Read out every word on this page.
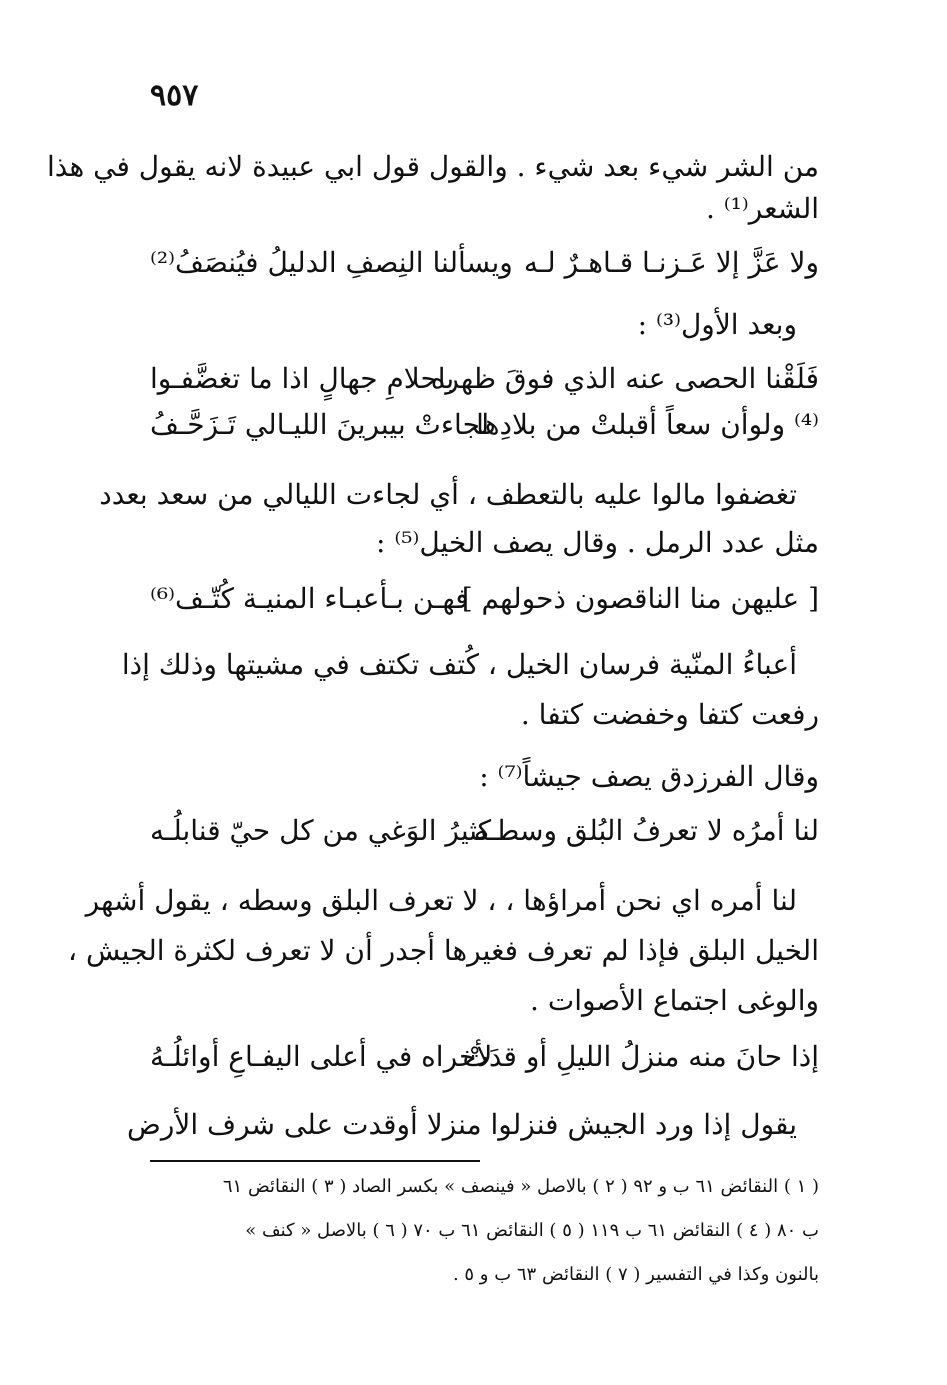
٩٥٧
من الشر شيء بعد شيء . والقول قول ابي عبيدة لانه يقول في هذا
الشعر⁽¹⁾ .
ولا عَزَّ إلا عَـزنـا قـاهـرٌ لـه
ويسألنا النِصفِ الدليلُ فيُنصَفُ⁽²⁾
وبعد الأول⁽³⁾ :
فَلَقْنا الحصى عنه الذي فوقَ ظهره
باحلامِ جهالٍ اذا ما تغضَّفـوا
⁽⁴⁾ ولوأن سعاً أقبلتْ من بلادِها
لجاءتْ بيبرينَ الليـالي تَـزَحَّـفُ
تغضفوا مالوا عليه بالتعطف ، أي لجاءت الليالي من سعد بعدد
مثل عدد الرمل . وقال يصف الخيل⁽⁵⁾ :
[ عليهن منا الناقصون ذحولهم ]
فهـن بـأعبـاء المنيـة كُتّـف⁽⁶⁾
أعباءُ المنّية فرسان الخيل ، كُتف تكتف في مشيتها وذلك إذا
رفعت كتفا وخفضت كتفا .
وقال الفرزدق يصف جيشاً⁽⁷⁾ :
لنا أمرُه لا تعرفُ البُلق وسطـه
كثيرُ الوَغي من كل حيّ قنابلُـه
لنا أمره اي نحن أمراؤها ، ، لا تعرف البلق وسطه ، يقول أشهر
الخيل البلق فإذا لم تعرف فغيرها أجدر أن لا تعرف لكثرة الجيش ،
والوغى اجتماع الأصوات .
إذا حانَ منه منزلُ الليلِ أو قدَتْ
لأخراه في أعلى اليفـاعِ أوائلُـهُ
يقول إذا ورد الجيش فنزلوا منزلا أوقدت على شرف الأرض
( ١ ) النقائض ٦١ ب و ٩٢ ( ٢ ) بالاصل « فينصف » بكسر الصاد ( ٣ ) النقائض ٦١
ب ٨٠ ( ٤ ) النقائض ٦١ ب ١١٩ ( ٥ ) النقائض ٦١ ب ٧٠ ( ٦ ) بالاصل « كنف »
بالنون وكذا في التفسير ( ٧ ) النقائض ٦٣ ب و ٥ .
